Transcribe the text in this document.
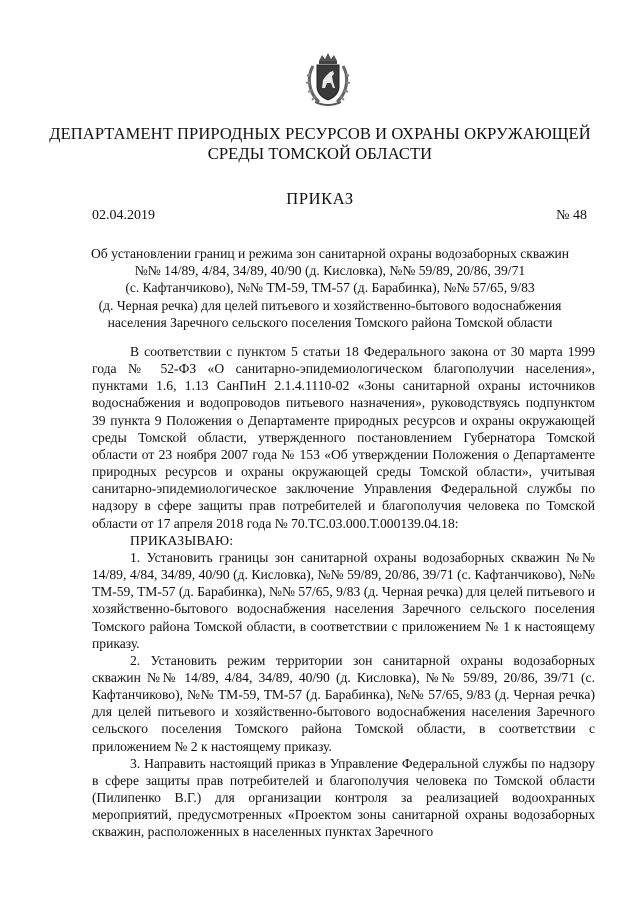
ДЕПАРТАМЕНТ ПРИРОДНЫХ РЕСУРСОВ И ОХРАНЫ ОКРУЖАЮЩЕЙ
СРЕДЫ ТОМСКОЙ ОБЛАСТИ
ПРИКАЗ
02.04.2019	№ 48
Об установлении границ и режима зон санитарной охраны водозаборных скважин
№№ 14/89, 4/84, 34/89, 40/90 (д. Кисловка), №№ 59/89, 20/86, 39/71
(с. Кафтанчиково), №№ ТМ-59, ТМ-57 (д. Барабинка), №№ 57/65, 9/83
(д. Черная речка) для целей питьевого и хозяйственно-бытового водоснабжения
населения Заречного сельского поселения Томского района Томской области

В соответствии с пунктом 5 статьи 18 Федерального закона от 30 марта 1999 года № 52-ФЗ «О санитарно-эпидемиологическом благополучии населения», пунктами 1.6, 1.13 СанПиН 2.1.4.1110-02 «Зоны санитарной охраны источников водоснабжения и водопроводов питьевого назначения», руководствуясь подпунктом 39 пункта 9 Положения о Департаменте природных ресурсов и охраны окружающей среды Томской области, утвержденного постановлением Губернатора Томской области от 23 ноября 2007 года № 153 «Об утверждении Положения о Департаменте природных ресурсов и охраны окружающей среды Томской области», учитывая санитарно-эпидемиологическое заключение Управления Федеральной службы по надзору в сфере защиты прав потребителей и благополучия человека по Томской области от 17 апреля 2018 года № 70.ТС.03.000.Т.000139.04.18:

ПРИКАЗЫВАЮ:

1. Установить границы зон санитарной охраны водозаборных скважин №№ 14/89, 4/84, 34/89, 40/90 (д. Кисловка), №№ 59/89, 20/86, 39/71 (с. Кафтанчиково), №№ ТМ-59, ТМ-57 (д. Барабинка), №№ 57/65, 9/83 (д. Черная речка) для целей питьевого и хозяйственно-бытового водоснабжения населения Заречного сельского поселения Томского района Томской области, в соответствии с приложением № 1 к настоящему приказу.

2. Установить режим территории зон санитарной охраны водозаборных скважин №№ 14/89, 4/84, 34/89, 40/90 (д. Кисловка), №№ 59/89, 20/86, 39/71 (с. Кафтанчиково), №№ ТМ-59, ТМ-57 (д. Барабинка), №№ 57/65, 9/83 (д. Черная речка) для целей питьевого и хозяйственно-бытового водоснабжения населения Заречного сельского поселения Томского района Томской области, в соответствии с приложением № 2 к настоящему приказу.

3. Направить настоящий приказ в Управление Федеральной службы по надзору в сфере защиты прав потребителей и благополучия человека по Томской области (Пилипенко В.Г.) для организации контроля за реализацией водоохранных мероприятий, предусмотренных «Проектом зоны санитарной охраны водозаборных скважин, расположенных в населенных пунктах Заречного
